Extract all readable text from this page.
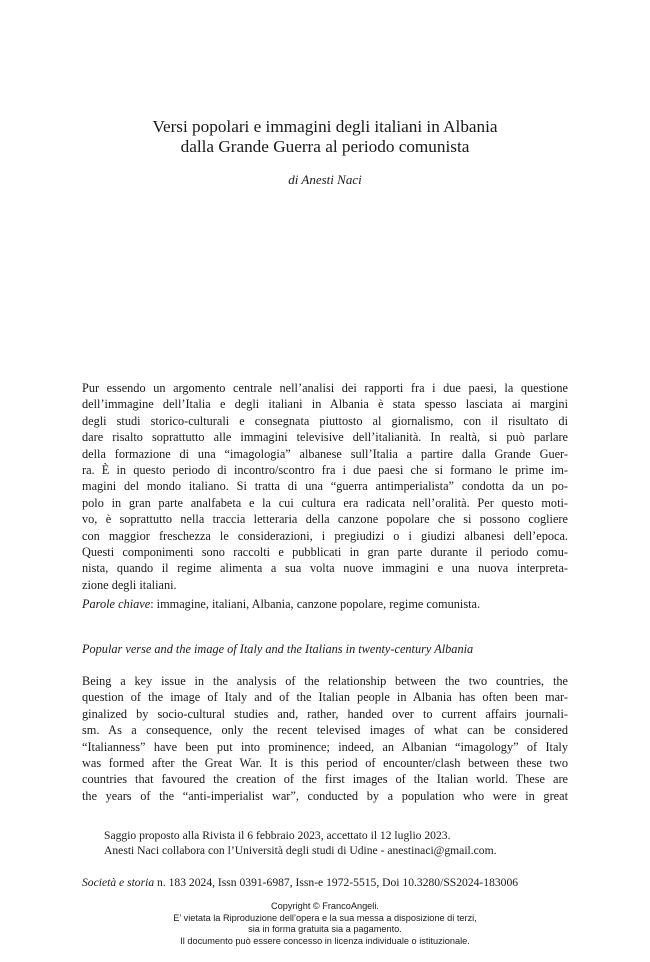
Versi popolari e immagini degli italiani in Albania
dalla Grande Guerra al periodo comunista
di Anesti Naci
Pur essendo un argomento centrale nell’analisi dei rapporti fra i due paesi, la questione
dell’immagine dell’Italia e degli italiani in Albania è stata spesso lasciata ai margini
degli studi storico-culturali e consegnata piuttosto al giornalismo, con il risultato di
dare risalto soprattutto alle immagini televisive dell’italianità. In realtà, si può parlare
della formazione di una “imagologia” albanese sull’Italia a partire dalla Grande Guer-
ra. È in questo periodo di incontro/scontro fra i due paesi che si formano le prime im-
magini del mondo italiano. Si tratta di una “guerra antimperialista” condotta da un po-
polo in gran parte analfabeta e la cui cultura era radicata nell’oralità. Per questo moti-
vo, è soprattutto nella traccia letteraria della canzone popolare che si possono cogliere
con maggior freschezza le considerazioni, i pregiudizi o i giudizi albanesi dell’epoca.
Questi componimenti sono raccolti e pubblicati in gran parte durante il periodo comu-
nista, quando il regime alimenta a sua volta nuove immagini e una nuova interpreta-
zione degli italiani.
Parole chiave: immagine, italiani, Albania, canzone popolare, regime comunista.
Popular verse and the image of Italy and the Italians in twenty-century Albania
Being a key issue in the analysis of the relationship between the two countries, the
question of the image of Italy and of the Italian people in Albania has often been mar-
ginalized by socio-cultural studies and, rather, handed over to current affairs journali-
sm. As a consequence, only the recent televised images of what can be considered
“Italianness” have been put into prominence; indeed, an Albanian “imagology” of Italy
was formed after the Great War. It is this period of encounter/clash between these two
countries that favoured the creation of the first images of the Italian world. These are
the years of the “anti-imperialist war”, conducted by a population who were in great
Saggio proposto alla Rivista il 6 febbraio 2023, accettato il 12 luglio 2023.
Anesti Naci collabora con l’Università degli studi di Udine - anestinaci@gmail.com.
Società e storia n. 183 2024, Issn 0391-6987, Issn-e 1972-5515, Doi 10.3280/SS2024-183006
Copyright © FrancoAngeli.
E’ vietata la Riproduzione dell’opera e la sua messa a disposizione di terzi,
sia in forma gratuita sia a pagamento.
Il documento può essere concesso in licenza individuale o istituzionale.
